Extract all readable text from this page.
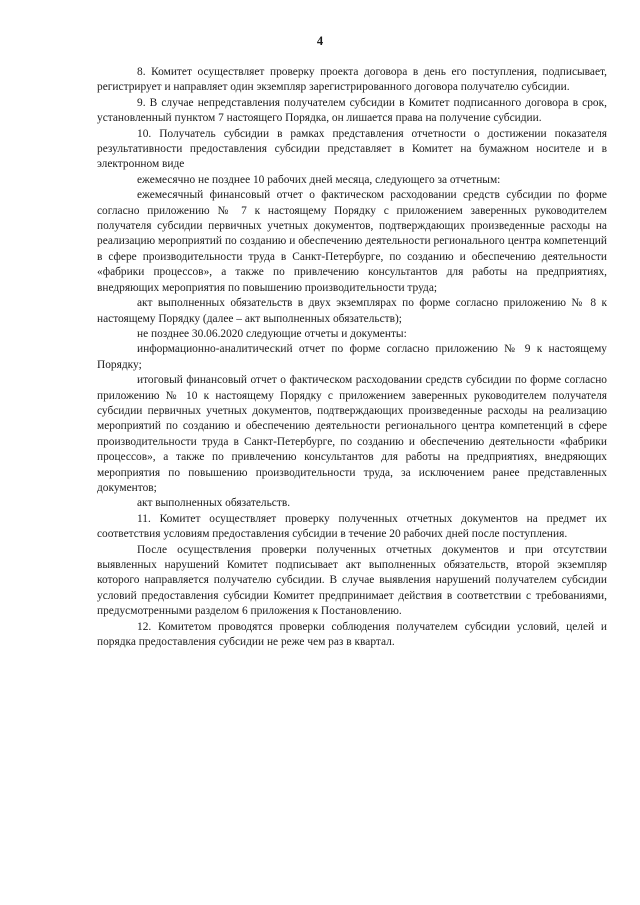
4

8. Комитет осуществляет проверку проекта договора в день его поступления, подписывает, регистрирует и направляет один экземпляр зарегистрированного договора получателю субсидии.

9. В случае непредставления получателем субсидии в Комитет подписанного договора в срок, установленный пунктом 7 настоящего Порядка, он лишается права на получение субсидии.

10. Получатель субсидии в рамках представления отчетности о достижении показателя результативности предоставления субсидии представляет в Комитет на бумажном носителе и в электронном виде

ежемесячно не позднее 10 рабочих дней месяца, следующего за отчетным:

ежемесячный финансовый отчет о фактическом расходовании средств субсидии по форме согласно приложению № 7 к настоящему Порядку с приложением заверенных руководителем получателя субсидии первичных учетных документов, подтверждающих произведенные расходы на реализацию мероприятий по созданию и обеспечению деятельности регионального центра компетенций в сфере производительности труда в Санкт-Петербурге, по созданию и обеспечению деятельности «фабрики процессов», а также по привлечению консультантов для работы на предприятиях, внедряющих мероприятия по повышению производительности труда;

акт выполненных обязательств в двух экземплярах по форме согласно приложению № 8 к настоящему Порядку (далее – акт выполненных обязательств);

не позднее 30.06.2020 следующие отчеты и документы:

информационно-аналитический отчет по форме согласно приложению № 9 к настоящему Порядку;

итоговый финансовый отчет о фактическом расходовании средств субсидии по форме согласно приложению № 10 к настоящему Порядку с приложением заверенных руководителем получателя субсидии первичных учетных документов, подтверждающих произведенные расходы на реализацию мероприятий по созданию и обеспечению деятельности регионального центра компетенций в сфере производительности труда в Санкт-Петербурге, по созданию и обеспечению деятельности «фабрики процессов», а также по привлечению консультантов для работы на предприятиях, внедряющих мероприятия по повышению производительности труда, за исключением ранее представленных документов;

акт выполненных обязательств.

11. Комитет осуществляет проверку полученных отчетных документов на предмет их соответствия условиям предоставления субсидии в течение 20 рабочих дней после поступления.

После осуществления проверки полученных отчетных документов и при отсутствии выявленных нарушений Комитет подписывает акт выполненных обязательств, второй экземпляр которого направляется получателю субсидии. В случае выявления нарушений получателем субсидии условий предоставления субсидии Комитет предпринимает действия в соответствии с требованиями, предусмотренными разделом 6 приложения к Постановлению.

12. Комитетом проводятся проверки соблюдения получателем субсидии условий, целей и порядка предоставления субсидии не реже чем раз в квартал.
